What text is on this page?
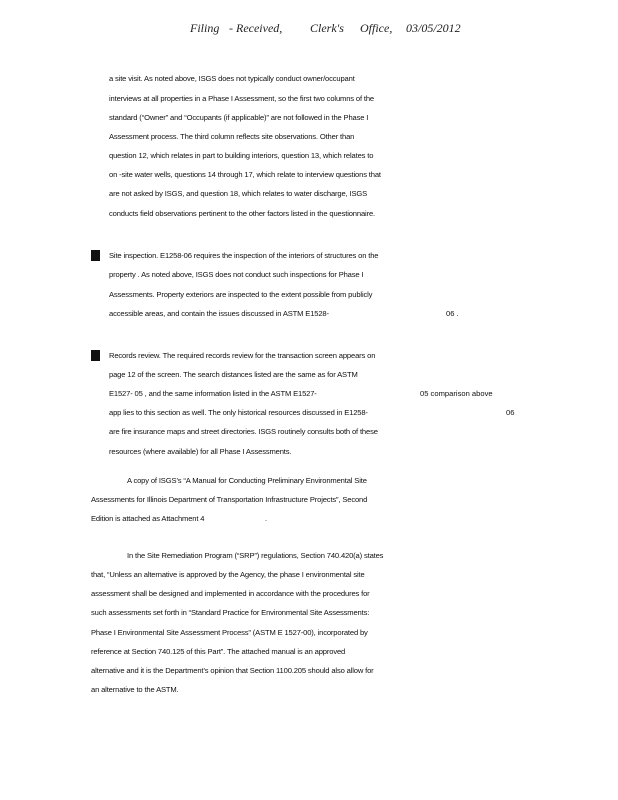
Filing - Received, Clerk's Office, 03/05/2012
a site visit. As noted above, ISGS does not typically conduct owner/occupant
interviews at all properties in a Phase I Assessment, so the first two columns of the
standard (“Owner” and “Occupants (if applicable)” are not followed in the Phase I
Assessment process. The third column reflects site observations. Other than
question 12, which relates in part to building interiors, question 13, which relates to
on -site water wells, questions 14 through 17, which relate to interview questions that
are not asked by ISGS, and question 18, which relates to water discharge, ISGS
conducts field observations pertinent to the other factors listed in the questionnaire.
Site inspection. E1258-06 requires the inspection of the interiors of structures on the
property . As noted above, ISGS does not conduct such inspections for Phase I
Assessments. Property exteriors are inspected to the extent possible from publicly
accessible areas, and contain the issues discussed in ASTM E1528-	06 .
Records review. The required records review for the transaction screen appears on
page 12 of the screen. The search distances listed are the same as for ASTM
E1527- 05 , and the same information listed in the ASTM E1527-	05 comparison above
app lies to this section as well. The only historical resources discussed in E1258-	06
are fire insurance maps and street directories. ISGS routinely consults both of these
resources (where available) for all Phase I Assessments.
A copy of ISGS’s “A Manual for Conducting Preliminary Environmental Site
Assessments for Illinois Department of Transportation Infrastructure Projects”, Second
Edition is attached as Attachment 4	.
In the Site Remediation Program (“SRP”) regulations, Section 740.420(a) states
that, “Unless an alternative is approved by the Agency, the phase I environmental site
assessment shall be designed and implemented in accordance with the procedures for
such assessments set forth in “Standard Practice for Environmental Site Assessments:
Phase I Environmental Site Assessment Process” (ASTM E 1527-00), incorporated by
reference at Section 740.125 of this Part”. The attached manual is an approved
alternative and it is the Department’s opinion that Section 1100.205 should also allow for
an alternative to the ASTM.
